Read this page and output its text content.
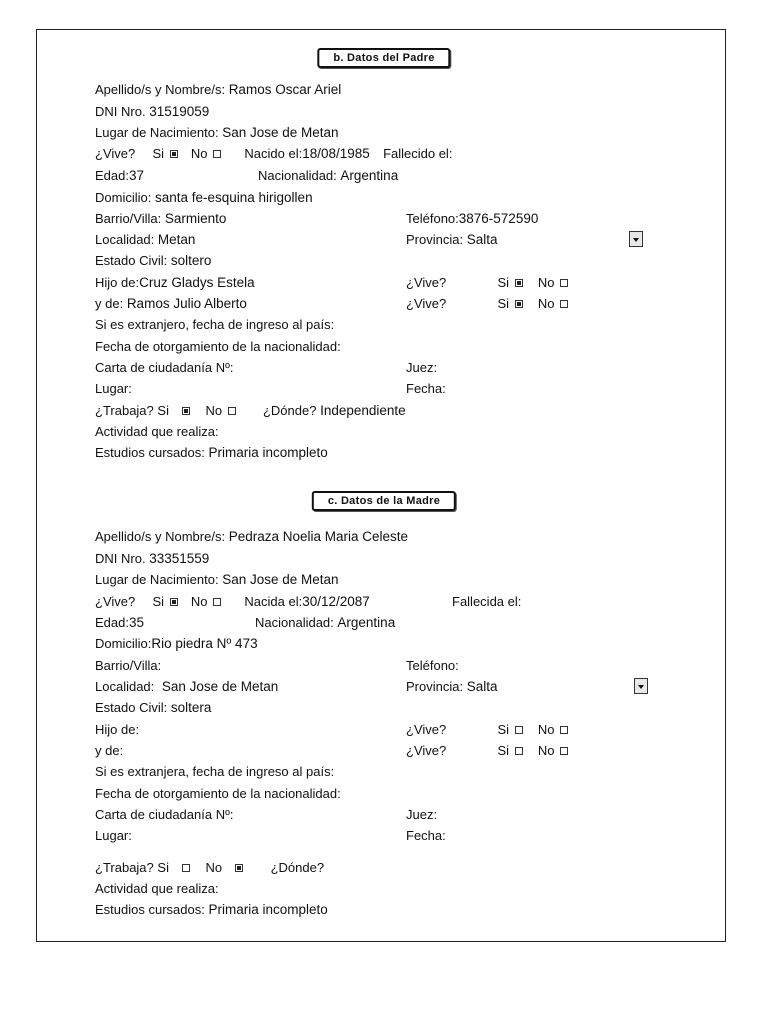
b. Datos del Padre
Apellido/s y Nombre/s: Ramos Oscar Ariel
DNI Nro. 31519059
Lugar de Nacimiento: San Jose de Metan
¿Vive? Si No	Nacido el:18/08/1985 Fallecido el:
Edad:37	Nacionalidad: Argentina
Domicilio: santa fe-esquina hirigollen
Barrio/Villa: Sarmiento	Teléfono:3876-572590
Localidad: Metan	Provincia: Salta
Estado Civil: soltero
Hijo de:Cruz Gladys Estela	¿Vive?	Si No
y de: Ramos Julio Alberto	¿Vive?	Si No
Si es extranjero, fecha de ingreso al país:
Fecha de otorgamiento de la nacionalidad:
Carta de ciudadanía Nº:	Juez:
Lugar:	Fecha:
¿Trabaja? Si	No	¿Dónde? Independiente
Actividad que realiza:
Estudios cursados: Primaria incompleto
c. Datos de la Madre
Apellido/s y Nombre/s: Pedraza Noelia Maria Celeste
DNI Nro. 33351559
Lugar de Nacimiento: San Jose de Metan
¿Vive? Si No	Nacida el:30/12/2087	Fallecida el:
Edad:35	Nacionalidad: Argentina
Domicilio:Rio piedra Nº 473
Barrio/Villa:	Teléfono:
Localidad: San Jose de Metan	Provincia: Salta
Estado Civil: soltera
Hijo de:	¿Vive?	Si No
y de:	¿Vive?	Si No
Si es extranjera, fecha de ingreso al país:
Fecha de otorgamiento de la nacionalidad:
Carta de ciudadanía Nº:	Juez:
Lugar:	Fecha:
¿Trabaja? Si	No	¿Dónde?
Actividad que realiza:
Estudios cursados: Primaria incompleto
